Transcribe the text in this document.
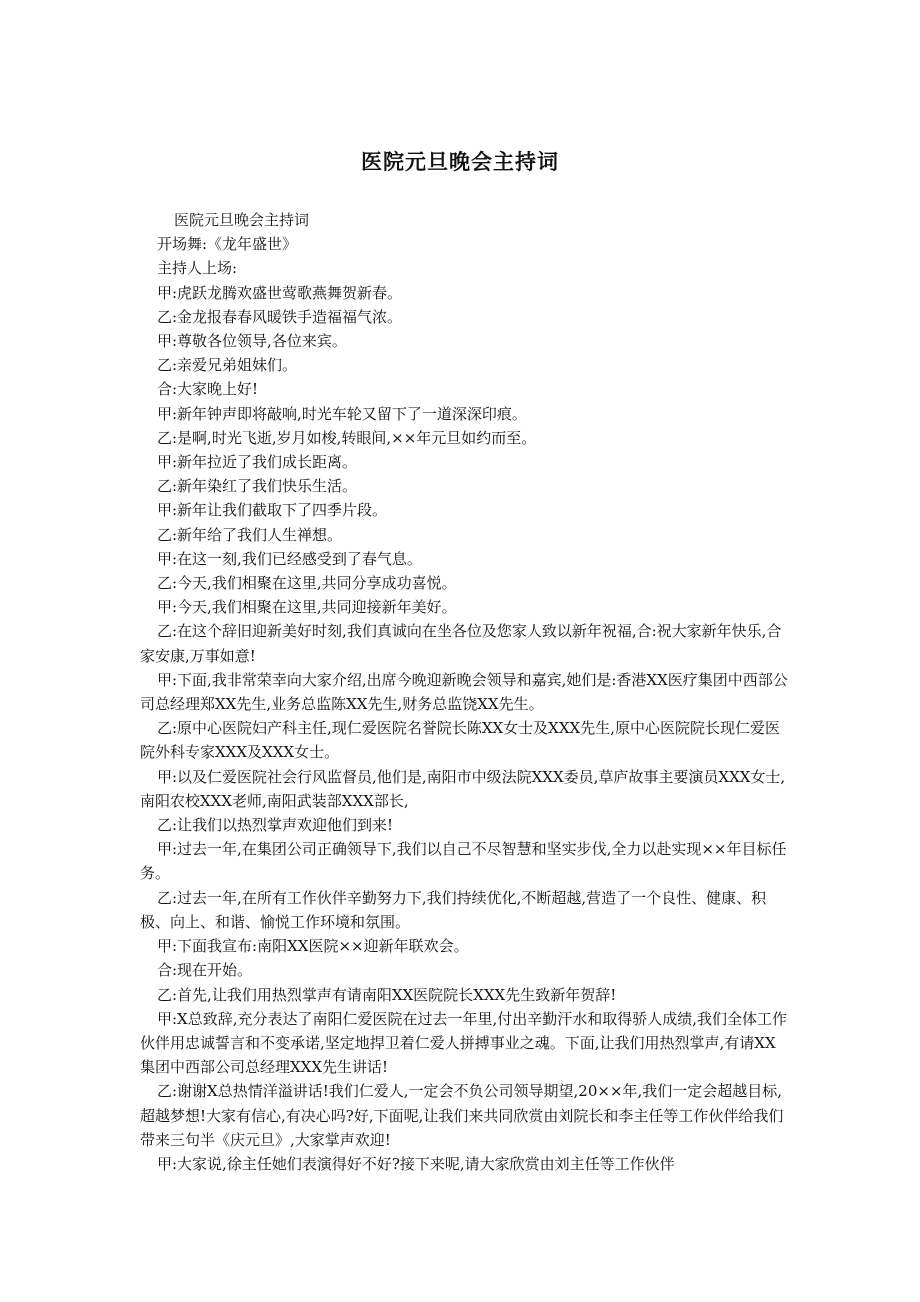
医院元旦晚会主持词

医院元旦晚会主持词

开场舞:《龙年盛世》

主持人上场:

甲:虎跃龙腾欢盛世莺歌燕舞贺新春。

乙:金龙报春春风暖铁手造福福气浓。

甲:尊敬各位领导,各位来宾。

乙:亲爱兄弟姐妹们。

合:大家晚上好!

甲:新年钟声即将敲响,时光车轮又留下了一道深深印痕。

乙:是啊,时光飞逝,岁月如梭,转眼间,××年元旦如约而至。

甲:新年拉近了我们成长距离。

乙:新年染红了我们快乐生活。

甲:新年让我们截取下了四季片段。

乙:新年给了我们人生禅想。

甲:在这一刻,我们已经感受到了春气息。

乙:今天,我们相聚在这里,共同分享成功喜悦。

甲:今天,我们相聚在这里,共同迎接新年美好。

乙:在这个辞旧迎新美好时刻,我们真诚向在坐各位及您家人致以新年祝福,合:祝大家新年快乐,合家安康,万事如意!

甲:下面,我非常荣幸向大家介绍,出席今晚迎新晚会领导和嘉宾,她们是:香港XX医疗集团中西部公司总经理郑XX先生,业务总监陈XX先生,财务总监饶XX先生。

乙:原中心医院妇产科主任,现仁爱医院名誉院长陈XX女士及XXX先生,原中心医院院长现仁爱医院外科专家XXX及XXX女士。

甲:以及仁爱医院社会行风监督员,他们是,南阳市中级法院XXX委员,草庐故事主要演员XXX女士,南阳农校XXX老师,南阳武装部XXX部长,

乙:让我们以热烈掌声欢迎他们到来!

甲:过去一年,在集团公司正确领导下,我们以自己不尽智慧和坚实步伐,全力以赴实现××年目标任务。

乙:过去一年,在所有工作伙伴辛勤努力下,我们持续优化,不断超越,营造了一个良性、健康、积极、向上、和谐、愉悦工作环境和氛围。

甲:下面我宣布:南阳XX医院××迎新年联欢会。

合:现在开始。

乙:首先,让我们用热烈掌声有请南阳XX医院院长XXX先生致新年贺辞!

甲:X总致辞,充分表达了南阳仁爱医院在过去一年里,付出辛勤汗水和取得骄人成绩,我们全体工作伙伴用忠诚誓言和不变承诺,坚定地捍卫着仁爱人拼搏事业之魂。下面,让我们用热烈掌声,有请XX集团中西部公司总经理XXX先生讲话!

乙:谢谢X总热情洋溢讲话!我们仁爱人,一定会不负公司领导期望,20××年,我们一定会超越目标,超越梦想!大家有信心,有决心吗?好,下面呢,让我们来共同欣赏由刘院长和李主任等工作伙伴给我们带来三句半《庆元旦》,大家掌声欢迎!

甲:大家说,徐主任她们表演得好不好?接下来呢,请大家欣赏由刘主任等工作伙伴
